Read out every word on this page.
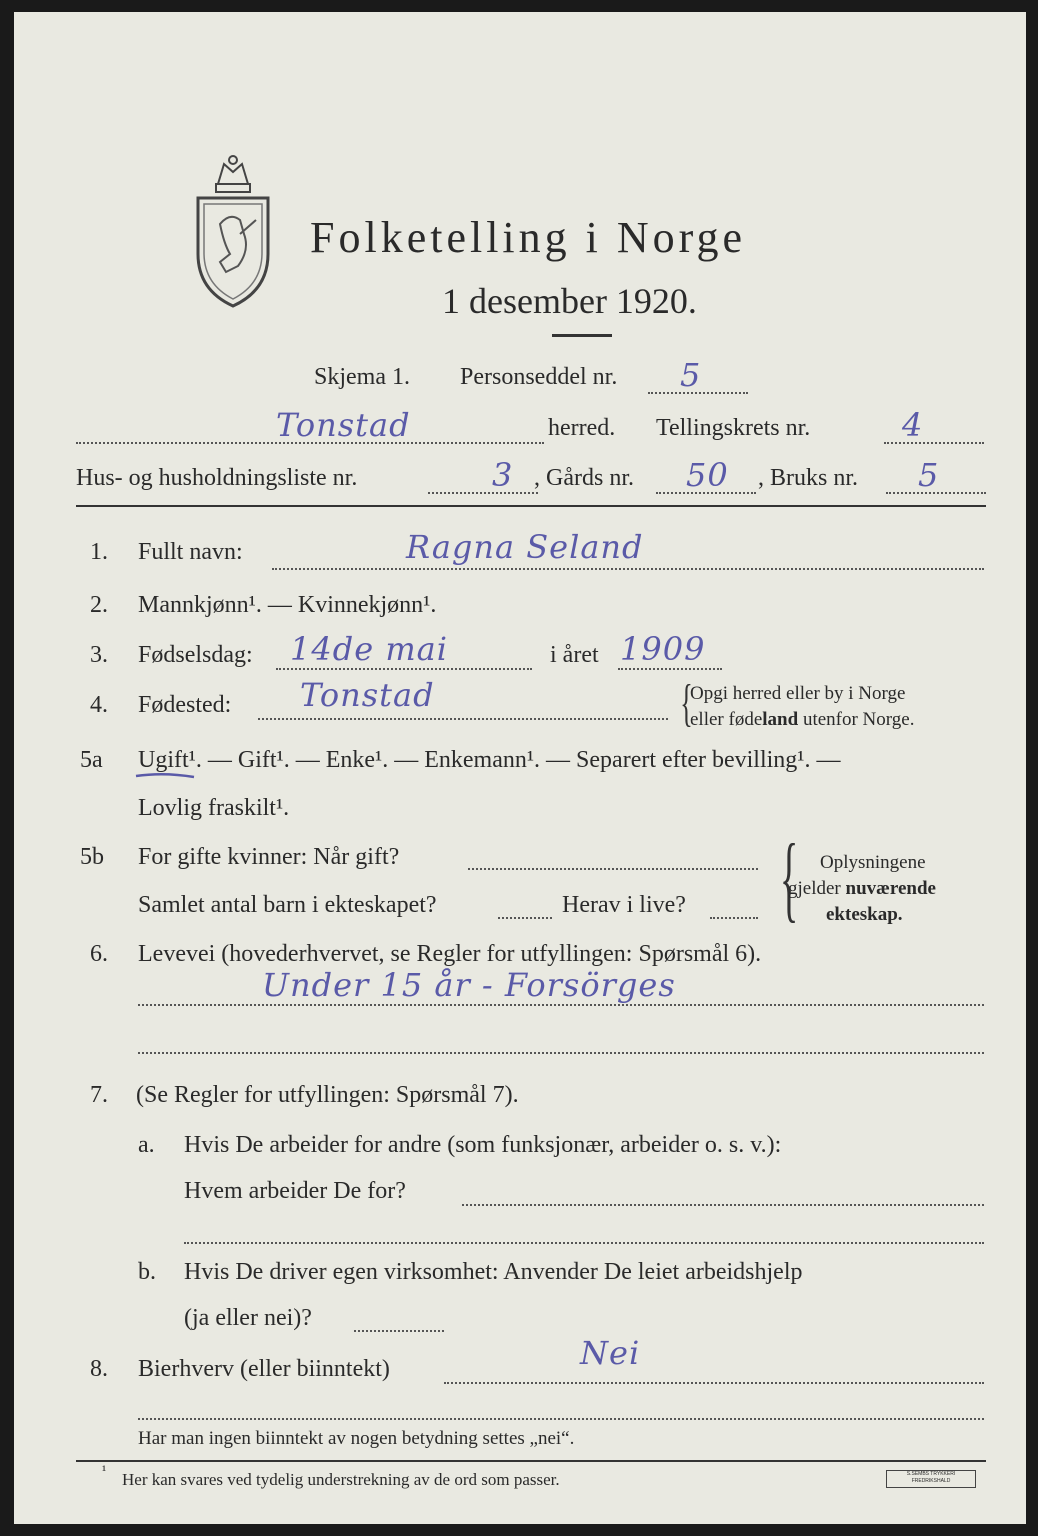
Folketelling i Norge
1 desember 1920.
Skjema 1. Personseddel nr. 5
Tonstad	herred. Tellingskrets nr.	4
Hus- og husholdningsliste nr.	3 , Gårds nr. 50 , Bruks nr. 5
1. Fullt navn:	Ragna Seland
2. Mannkjønn¹. — Kvinnekjønn¹.
3. Fødselsdag: 14de mai	i året 1909
4. Fødested: Tonstad	{
Opgi herred eller by i Norge
eller fødeland utenfor Norge.
5a Ugift¹. — Gift¹. — Enke¹. — Enkemann¹. — Separert efter bevilling¹. —
Lovlig fraskilt¹.
5b For gifte kvinner: Når gift?
Samlet antal barn i ekteskapet?	Herav i live? { Oplysningene
gjelder nuværende
ekteskap.
6. Levevei (hovederhvervet, se Regler for utfyllingen: Spørsmål 6).
Under 15 år - Forsörges
7. (Se Regler for utfyllingen: Spørsmål 7).
a. Hvis De arbeider for andre (som funksjonær, arbeider o. s. v.):
Hvem arbeider De for?
b. Hvis De driver egen virksomhet: Anvender De leiet arbeidshjelp
(ja eller nei)?
8. Bierhverv (eller biinntekt)	Nei
Har man ingen biinntekt av nogen betydning settes „nei“.
¹ Her kan svares ved tydelig understrekning av de ord som passer.	S.SEMBS TRYKKERI FREDRIKSHALD
